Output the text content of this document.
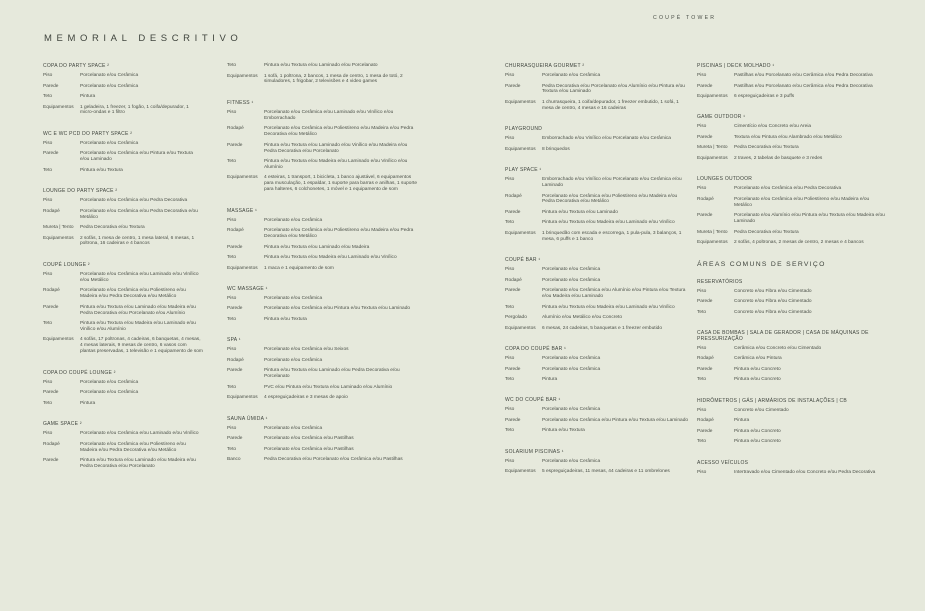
COUPÉ TOWER
MEMORIAL DESCRITIVO
COPA DO PARTY SPACE ²
Piso	Porcelanato e/ou Cerâmica
Parede	Porcelanato e/ou Cerâmica
Teto	Pintura
Equipamentos	1 geladeira, 1 freezer, 1 fogão, 1 coifa/depurador, 1 micro-ondas e 1 filtro
WC E WC PCD DO PARTY SPACE ²
Piso	Porcelanato e/ou Cerâmica
Parede	Porcelanato e/ou Cerâmica e/ou Pintura e/ou Textura e/ou Laminado
Teto	Pintura e/ou Textura
LOUNGE DO PARTY SPACE ²
Piso	Porcelanato e/ou Cerâmica e/ou Pedra Decorativa
Rodapé	Porcelanato e/ou Cerâmica e/ou Pedra Decorativa e/ou Metálico
Mureta | Tento	Pedra Decorativa e/ou Textura
Equipamentos	2 sofás, 1 mesa de centro, 1 mesa lateral, 6 mesas, 1 poltrona, 16 cadeiras e 4 bancos
COUPÉ LOUNGE ²
Piso	Porcelanato e/ou Cerâmica e/ou Laminado e/ou Vinílico e/ou Metálico
Rodapé	Porcelanato e/ou Cerâmica e/ou Poliestireno e/ou Madeira e/ou Pedra Decorativa e/ou Metálico
Parede	Pintura e/ou Textura e/ou Laminado e/ou Madeira e/ou Pedra Decorativa e/ou Porcelanato e/ou Alumínio
Teto	Pintura e/ou Textura e/ou Madeira e/ou Laminado e/ou Vinílico e/ou Alumínio
Equipamentos	4 sofás, 17 poltronas, 4 cadeiras, 6 banquetas, 4 mesas, 4 mesas laterais, 9 mesas de centro, 6 vasos com plantas preservadas, 1 televisão e 1 equipamento de som
COPA DO COUPÉ LOUNGE ²
Piso	Porcelanato e/ou Cerâmica
Parede	Porcelanato e/ou Cerâmica
Teto	Pintura
GAME SPACE ²
Piso	Porcelanato e/ou Cerâmica e/ou Laminado e/ou Vinílico
Rodapé	Porcelanato e/ou Cerâmica e/ou Poliestireno e/ou Madeira e/ou Pedra Decorativa e/ou Metálico
Parede	Pintura e/ou Textura e/ou Laminado e/ou Madeira e/ou Pedra Decorativa e/ou Porcelanato
Teto	Pintura e/ou Textura e/ou Laminado e/ou Porcelanato
Equipamentos	1 sofá, 1 poltrona, 2 bancos, 1 mesa de centro, 1 mesa de totó, 2 simuladores, 1 frigobar, 2 televisões e 4 video games
FITNESS ¹
Piso	Porcelanato e/ou Cerâmica e/ou Laminado e/ou Vinílico e/ou Emborrachado
Rodapé	Porcelanato e/ou Cerâmica e/ou Poliestireno e/ou Madeira e/ou Pedra Decorativa e/ou Metálico
Parede	Pintura e/ou Textura e/ou Laminado e/ou Vinílico e/ou Madeira e/ou Pedra Decorativa e/ou Porcelanato
Teto	Pintura e/ou Textura e/ou Madeira e/ou Laminado e/ou Vinílico e/ou Alumínio
Equipamentos	4 esteiras, 1 transport, 1 bicicleta, 1 banco ajustável, 6 equipamentos para musculação, 1 espaldar, 1 suporte para barras e anilhas, 1 suporte para halteres, 6 colchonetes, 1 móvel e 1 equipamento de som
MASSAGE ¹
Piso	Porcelanato e/ou Cerâmica
Rodapé	Porcelanato e/ou Cerâmica e/ou Poliestireno e/ou Madeira e/ou Pedra Decorativa e/ou Metálico
Parede	Pintura e/ou Textura e/ou Laminado e/ou Madeira
Teto	Pintura e/ou Textura e/ou Madeira e/ou Laminado e/ou Vinílico
Equipamentos	1 maca e 1 equipamento de som
WC MASSAGE ¹
Piso	Porcelanato e/ou Cerâmica
Parede	Porcelanato e/ou Cerâmica e/ou Pintura e/ou Textura e/ou Laminado
Teto	Pintura e/ou Textura
SPA ¹
Piso	Porcelanato e/ou Cerâmica e/ou Seixos
Rodapé	Porcelanato e/ou Cerâmica
Parede	Pintura e/ou Textura e/ou Laminado e/ou Pedra Decorativa e/ou Porcelanato
Teto	PVC e/ou Pintura e/ou Textura e/ou Laminado e/ou Alumínio
Equipamentos	4 espreguiçadeiras e 3 mesas de apoio
SAUNA ÚMIDA ¹
Piso	Porcelanato e/ou Cerâmica
Parede	Porcelanato e/ou Cerâmica e/ou Pastilhas
Teto	Porcelanato e/ou Cerâmica e/ou Pastilhas
Banco	Pedra Decorativa e/ou Porcelanato e/ou Cerâmica e/ou Pastilhas
CHURRASQUEIRA GOURMET ²
Piso	Porcelanato e/ou Cerâmica
Parede	Pedra Decorativa e/ou Porcelanato e/ou Alumínio e/ou Pintura e/ou Textura e/ou Laminado
Equipamentos	1 churrasqueira, 1 coifa/depurador, 1 freezer embutido, 1 sofá, 1 mesa de centro, 4 mesas e 16 cadeiras
PLAYGROUND
Piso	Emborrachado e/ou Vinílico e/ou Porcelanato e/ou Cerâmica
Equipamentos	8 brinquedos
PLAY SPACE ¹
Piso	Emborrachado e/ou Vinílico e/ou Porcelanato e/ou Cerâmica e/ou Laminado
Rodapé	Porcelanato e/ou Cerâmica e/ou Poliestireno e/ou Madeira e/ou Pedra Decorativa e/ou Metálico
Parede	Pintura e/ou Textura e/ou Laminado
Teto	Pintura e/ou Textura e/ou Madeira e/ou Laminado e/ou Vinílico
Equipamentos	1 brinquedão com escada e escorrega, 1 pula-pula, 3 balanços, 1 mesa, 6 puffs e 1 banco
COUPÉ BAR ¹
Piso	Porcelanato e/ou Cerâmica
Rodapé	Porcelanato e/ou Cerâmica
Parede	Porcelanato e/ou Cerâmica e/ou Alumínio e/ou Pintura e/ou Textura e/ou Madeira e/ou Laminado
Teto	Pintura e/ou Textura e/ou Madeira e/ou Laminado e/ou Vinílico
Pergolado	Alumínio e/ou Metálico e/ou Concreto
Equipamentos	6 mesas, 24 cadeiras, 5 banquetas e 1 freezer embutido
COPA DO COUPÉ BAR ¹
Piso	Porcelanato e/ou Cerâmica
Parede	Porcelanato e/ou Cerâmica
Teto	Pintura
WC DO COUPÉ BAR ¹
Piso	Porcelanato e/ou Cerâmica
Parede	Porcelanato e/ou Cerâmica e/ou Pintura e/ou Textura e/ou Laminado
Teto	Pintura e/ou Textura
SOLARIUM PISCINAS ¹
Piso	Porcelanato e/ou Cerâmica
Equipamentos	5 espreguiçadeiras, 11 mesas, 44 cadeiras e 11 ombrelones
PISCINAS | DECK MOLHADO ¹
Piso	Pastilhas e/ou Porcelanato e/ou Cerâmica e/ou Pedra Decorativa
Parede	Pastilhas e/ou Porcelanato e/ou Cerâmica e/ou Pedra Decorativa
Equipamentos	6 espreguiçadeiras e 3 puffs
GAME OUTDOOR ¹
Piso	Cimentício e/ou Concreto e/ou Areia
Parede	Textura e/ou Pintura e/ou Alambrado e/ou Metálico
Mureta | Tento	Pedra Decorativa e/ou Textura
Equipamentos	2 traves, 2 tabelas de basquete e 3 redes
LOUNGES OUTDOOR
Piso	Porcelanato e/ou Cerâmica e/ou Pedra Decorativa
Rodapé	Porcelanato e/ou Cerâmica e/ou Poliestireno e/ou Madeira e/ou Metálico
Parede	Porcelanato e/ou Alumínio e/ou Pintura e/ou Textura e/ou Madeira e/ou Laminado
Mureta | Tento	Pedra Decorativa e/ou Textura
Equipamentos	2 sofás, 4 poltronas, 2 mesas de centro, 2 mesas e 4 bancos
ÁREAS COMUNS DE SERVIÇO
RESERVATÓRIOS
Piso	Concreto e/ou Fibra e/ou Cimentado
Parede	Concreto e/ou Fibra e/ou Cimentado
Teto	Concreto e/ou Fibra e/ou Cimentado
CASA DE BOMBAS | SALA DE GERADOR | CASA DE MÁQUINAS DE PRESSURIZAÇÃO
Piso	Cerâmica e/ou Concreto e/ou Cimentado
Rodapé	Cerâmica e/ou Pintura
Parede	Pintura e/ou Concreto
Teto	Pintura e/ou Concreto
HIDRÔMETROS | GÁS | ARMÁRIOS DE INSTALAÇÕES | CB
Piso	Concreto e/ou Cimentado
Rodapé	Pintura
Parede	Pintura e/ou Concreto
Teto	Pintura e/ou Concreto
ACESSO VEÍCULOS
Piso	Intertravado e/ou Cimentado e/ou Concreto e/ou Pedra Decorativa
